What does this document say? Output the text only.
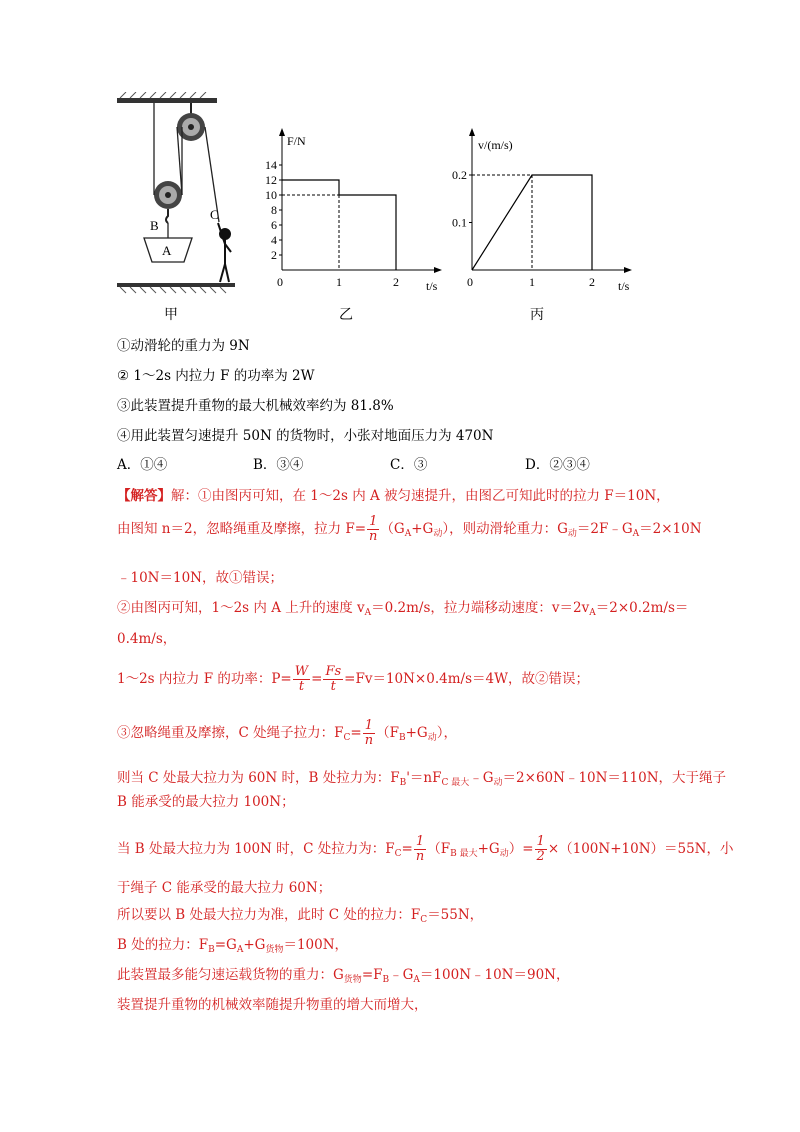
A
B
C
甲
F/N
t/s
14
12
10
8
6
4
2
0	1	2
乙
v/(m/s)
t/s
0.2
0.1
0	1	2
丙
①动滑轮的重力为 9N
② 1～2s 内拉力 F 的功率为 2W
③此装置提升重物的最大机械效率约为 81.8%
④用此装置匀速提升 50N 的货物时，小张对地面压力为 470N
A．①④	B．③④	C．③	D．②③④
【解答】解：①由图丙可知，在 1～2s 内 A 被匀速提升，由图乙可知此时的拉力 F＝10N，
由图知 n＝2，忽略绳重及摩擦，拉力 $F= \frac{1}{n} (G_A+G_动)$，则动滑轮重力：$G_动=2F﹣G_A=2\times 10N$
﹣10N＝10N，故①错误；
②由图丙可知，1～2s 内 A 上升的速度 $v_A=0.2m/s$，拉力端移动速度：$v=2v_A=2\times 0.2m/s=$
0.4m/s，
1～2s 内拉力 F 的功率：$P= \frac{W}{t} = \frac{Fs}{t} =Fv=10N\times 0.4m/s=4W$，故②错误；
③忽略绳重及摩擦，C 处绳子拉力：$F_C= \frac{1}{n} (F_B+G_动)$，
则当 C 处最大拉力为 60N 时，B 处拉力为：$F_B'=nF_{C 最大}﹣G_动=2\times 60N﹣10N=110N$，大于绳子
B 能承受的最大拉力 100N；
当 B 处最大拉力为 100N 时，C 处拉力为：$F_C= \frac{1}{n} (F_{B 最大}+G_动)= \frac{1}{2} \times(100N+10N)=55N$，小
于绳子 C 能承受的最大拉力 60N；
所以要以 B 处最大拉力为准，此时 C 处的拉力：$F_C=55N$，
B 处的拉力：$F_B=G_A+G_{货物}=100N$，
此装置最多能匀速运载货物的重力：$G_{货物}=F_B﹣G_A=100N﹣10N=90N$，
装置提升重物的机械效率随提升物重的增大而增大，
